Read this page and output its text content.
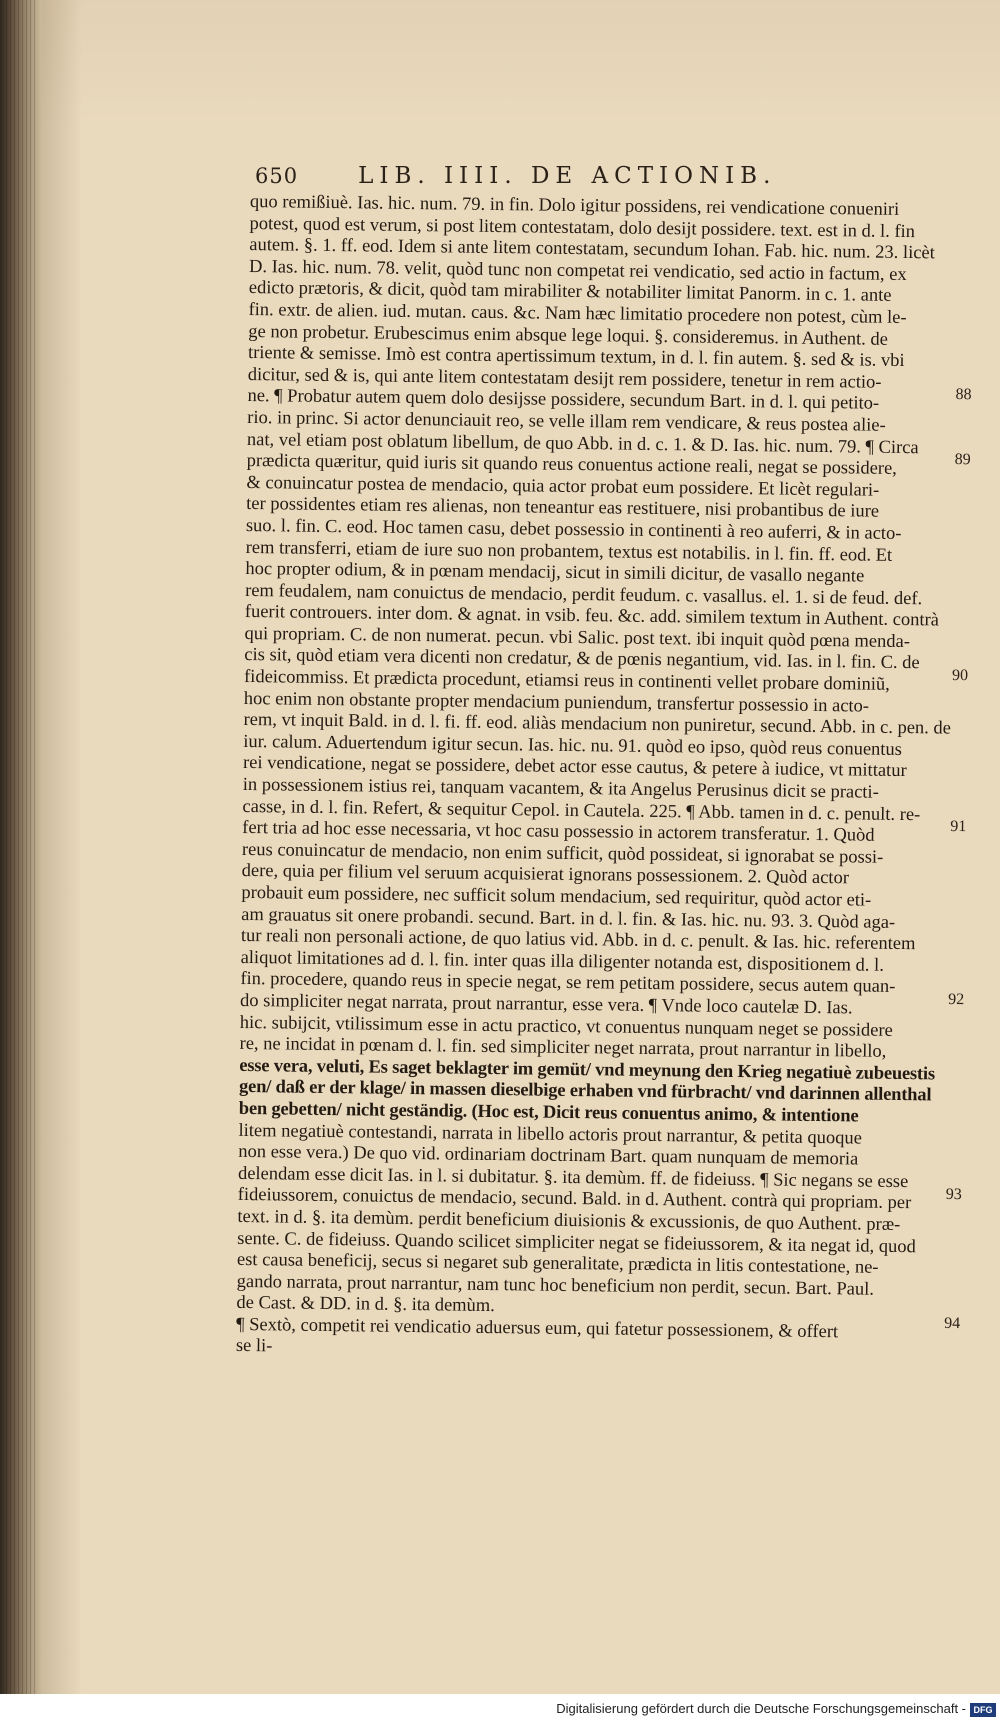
650	LIB. IIII. DE ACTIONIB.
quo remißiuè. Ias. hic. num. 79. in fin. Dolo igitur possidens, rei vendicatione conueniri
potest, quod est verum, si post litem contestatam, dolo desijt possidere. text. est in d. l. fin
autem. §. 1. ff. eod. Idem si ante litem contestatam, secundum Iohan. Fab. hic. num. 23. licèt
D. Ias. hic. num. 78. velit, quòd tunc non competat rei vendicatio, sed actio in factum, ex
edicto prætoris, & dicit, quòd tam mirabiliter & notabiliter limitat Panorm. in c. 1. ante
fin. extr. de alien. iud. mutan. caus. &c. Nam hæc limitatio procedere non potest, cùm le-
ge non probetur. Erubescimus enim absque lege loqui. §. consideremus. in Authent. de
triente & semisse. Imò est contra apertissimum textum, in d. l. fin autem. §. sed & is. vbi
dicitur, sed & is, qui ante litem contestatam desijt rem possidere, tenetur in rem actio-
ne. ¶ Probatur autem quem dolo desijsse possidere, secundum Bart. in d. l. qui petito-
rio. in princ. Si actor denunciauit reo, se velle illam rem vendicare, & reus postea alie-
nat, vel etiam post oblatum libellum, de quo Abb. in d. c. 1. & D. Ias. hic. num. 79. ¶ Circa
prædicta quæritur, quid iuris sit quando reus conuentus actione reali, negat se possidere,
& conuincatur postea de mendacio, quia actor probat eum possidere. Et licèt regulari-
ter possidentes etiam res alienas, non teneantur eas restituere, nisi probantibus de iure
suo. l. fin. C. eod. Hoc tamen casu, debet possessio in continenti à reo auferri, & in acto-
rem transferri, etiam de iure suo non probantem, textus est notabilis. in l. fin. ff. eod. Et
hoc propter odium, & in pœnam mendacij, sicut in simili dicitur, de vasallo negante
rem feudalem, nam conuictus de mendacio, perdit feudum. c. vasallus. el. 1. si de feud. def.
fuerit controuers. inter dom. & agnat. in vsib. feu. &c. add. similem textum in Authent. contrà
qui propriam. C. de non numerat. pecun. vbi Salic. post text. ibi inquit quòd pœna menda-
cis sit, quòd etiam vera dicenti non credatur, & de pœnis negantium, vid. Ias. in l. fin. C. de
fideicommiss. Et prædicta procedunt, etiamsi reus in continenti vellet probare dominiũ,
hoc enim non obstante propter mendacium puniendum, transfertur possessio in acto-
rem, vt inquit Bald. in d. l. fi. ff. eod. aliàs mendacium non puniretur, secund. Abb. in c. pen. de
iur. calum. Aduertendum igitur secun. Ias. hic. nu. 91. quòd eo ipso, quòd reus conuentus
rei vendicatione, negat se possidere, debet actor esse cautus, & petere à iudice, vt mittatur
in possessionem istius rei, tanquam vacantem, & ita Angelus Perusinus dicit se practi-
casse, in d. l. fin. Refert, & sequitur Cepol. in Cautela. 225. ¶ Abb. tamen in d. c. penult. re-
fert tria ad hoc esse necessaria, vt hoc casu possessio in actorem transferatur. 1. Quòd
reus conuincatur de mendacio, non enim sufficit, quòd possideat, si ignorabat se possi-
dere, quia per filium vel seruum acquisierat ignorans possessionem. 2. Quòd actor
probauit eum possidere, nec sufficit solum mendacium, sed requiritur, quòd actor eti-
am grauatus sit onere probandi. secund. Bart. in d. l. fin. & Ias. hic. nu. 93. 3. Quòd aga-
tur reali non personali actione, de quo latius vid. Abb. in d. c. penult. & Ias. hic. referentem
aliquot limitationes ad d. l. fin. inter quas illa diligenter notanda est, dispositionem d. l.
fin. procedere, quando reus in specie negat, se rem petitam possidere, secus autem quan-
do simpliciter negat narrata, prout narrantur, esse vera. ¶ Vnde loco cautelæ D. Ias.
hic. subijcit, vtilissimum esse in actu practico, vt conuentus nunquam neget se possidere
re, ne incidat in pœnam d. l. fin. sed simpliciter neget narrata, prout narrantur in libello,
esse vera, veluti, Es saget beklagter im gemüt/ vnd meynung den Krieg negatiuè zubeuestis
gen/ daß er der klage/ in massen dieselbige erhaben vnd fürbracht/ vnd darinnen allenthal
ben gebetten/ nicht geständig. (Hoc est, Dicit reus conuentus animo, & intentione
litem negatiuè contestandi, narrata in libello actoris prout narrantur, & petita quoque
non esse vera.) De quo vid. ordinariam doctrinam Bart. quam nunquam de memoria
delendam esse dicit Ias. in l. si dubitatur. §. ita demùm. ff. de fideiuss. ¶ Sic negans se esse
fideiussorem, conuictus de mendacio, secund. Bald. in d. Authent. contrà qui propriam. per
text. in d. §. ita demùm. perdit beneficium diuisionis & excussionis, de quo Authent. præ-
sente. C. de fideiuss. Quando scilicet simpliciter negat se fideiussorem, & ita negat id, quod
est causa beneficij, secus si negaret sub generalitate, prædicta in litis contestatione, ne-
gando narrata, prout narrantur, nam tunc hoc beneficium non perdit, secun. Bart. Paul.
de Cast. & DD. in d. §. ita demùm.
¶ Sextò, competit rei vendicatio aduersus eum, qui fatetur possessionem, & offert
se li-
88
89
90
91
92
93
94
Digitalisierung gefördert durch die Deutsche Forschungsgemeinschaft - DFG
